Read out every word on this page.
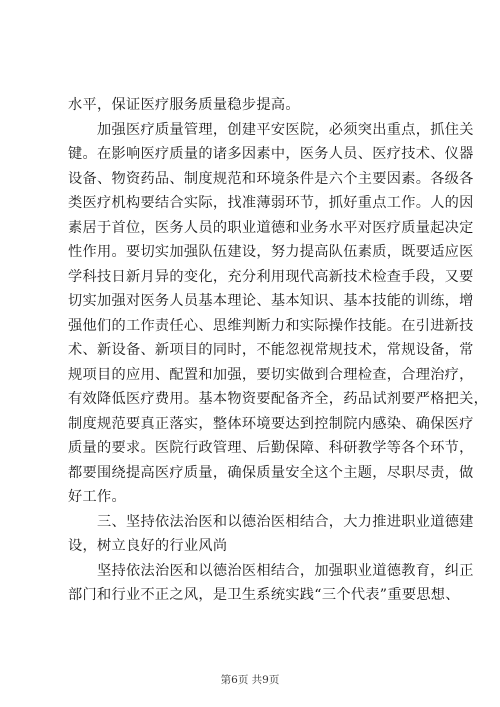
水平，保证医疗服务质量稳步提高。
加强医疗质量管理，创建平安医院，必须突出重点，抓住关
键。在影响医疗质量的诸多因素中，医务人员、医疗技术、仪器
设备、物资药品、制度规范和环境条件是六个主要因素。各级各
类医疗机构要结合实际，找准薄弱环节，抓好重点工作。人的因
素居于首位，医务人员的职业道德和业务水平对医疗质量起决定
性作用。要切实加强队伍建设，努力提高队伍素质，既要适应医
学科技日新月异的变化，充分利用现代高新技术检查手段，又要
切实加强对医务人员基本理论、基本知识、基本技能的训练，增
强他们的工作责任心、思维判断力和实际操作技能。在引进新技
术、新设备、新项目的同时，不能忽视常规技术，常规设备，常
规项目的应用、配置和加强，要切实做到合理检查，合理治疗，
有效降低医疗费用。基本物资要配备齐全，药品试剂要严格把关，
制度规范要真正落实，整体环境要达到控制院内感染、确保医疗
质量的要求。医院行政管理、后勤保障、科研教学等各个环节，
都要围绕提高医疗质量，确保质量安全这个主题，尽职尽责，做
好工作。
三、坚持依法治医和以德治医相结合，大力推进职业道德建
设，树立良好的行业风尚
坚持依法治医和以德治医相结合，加强职业道德教育，纠正
部门和行业不正之风，是卫生系统实践“三个代表”重要思想、
第6页 共9页
